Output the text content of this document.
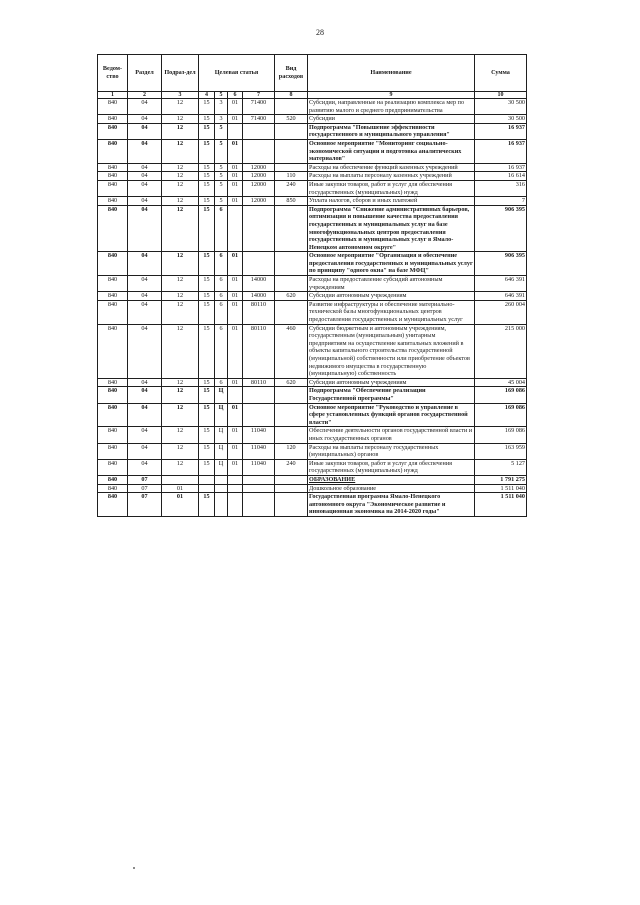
28
Ведом-ство	Раздел	Подраз-дел	Целевая статья				Вид расходов	Наименование	Сумма
1	2	3	4	5	6	7	8	9	10
840	04	12	15	3	01	71400		Субсидии, направленные на реализацию комплекса мер по развитию малого и среднего предпринимательства	30 500
840	04	12	15	3	01	71400	520	Субсидии	30 500
840	04	12	15	5				Подпрограмма "Повышение эффективности государственного и муниципального управления"	16 937
840	04	12	15	5	01			Основное мероприятие "Мониторинг социально-экономической ситуации и подготовка аналитических материалов"	16 937
840	04	12	15	5	01	12000		Расходы на обеспечение функций казенных учреждений	16 937
840	04	12	15	5	01	12000	110	Расходы на выплаты персоналу казенных учреждений	16 614
840	04	12	15	5	01	12000	240	Иные закупки товаров, работ и услуг для обеспечения государственных (муниципальных) нужд	316
840	04	12	15	5	01	12000	850	Уплата налогов, сборов и иных платежей	7
840	04	12	15	6				Подпрограмма "Снижение административных барьеров, оптимизация и повышение качества предоставления государственных и муниципальных услуг на базе многофункциональных центров предоставления государственных и муниципальных услуг в Ямало-Ненецком автономном округе"	906 395
840	04	12	15	6	01			Основное мероприятие "Организация и обеспечение предоставления государственных и муниципальных услуг по принципу "одного окна" на базе МФЦ"	906 395
840	04	12	15	6	01	14000		Расходы на предоставление субсидий автономным учреждениям	646 391
840	04	12	15	6	01	14000	620	Субсидии автономным учреждениям	646 391
840	04	12	15	6	01	80110		Развитие инфраструктуры и обеспечение материально-технической базы многофункциональных центров предоставления государственных и муниципальных услуг	260 004
840	04	12	15	6	01	80110	460	Субсидии бюджетным и автономным учреждениям, государственным (муниципальным) унитарным предприятиям на осуществление капитальных вложений в объекты капитального строительства государственной (муниципальной) собственности или приобретение объектов недвижимого имущества в государственную (муниципальную) собственность	215 000
840	04	12	15	6	01	80110	620	Субсидии автономным учреждениям	45 004
840	04	12	15	Ц				Подпрограмма "Обеспечение реализации Государственной программы"	169 086
840	04	12	15	Ц	01			Основное мероприятие "Руководство и управление в сфере установленных функций органов государственной власти"	169 086
840	04	12	15	Ц	01	11040		Обеспечение деятельности органов государственной власти и иных государственных органов	169 086
840	04	12	15	Ц	01	11040	120	Расходы на выплаты персоналу государственных (муниципальных) органов	163 959
840	04	12	15	Ц	01	11040	240	Иные закупки товаров, работ и услуг для обеспечения государственных (муниципальных) нужд	5 127
840	07							ОБРАЗОВАНИЕ	1 791 275
840	07	01						Дошкольное образование	1 511 040
840	07	01	15					Государственная программа Ямало-Ненецкого автономного округа "Экономическое развитие и инновационная экономика на 2014-2020 годы"	1 511 040
